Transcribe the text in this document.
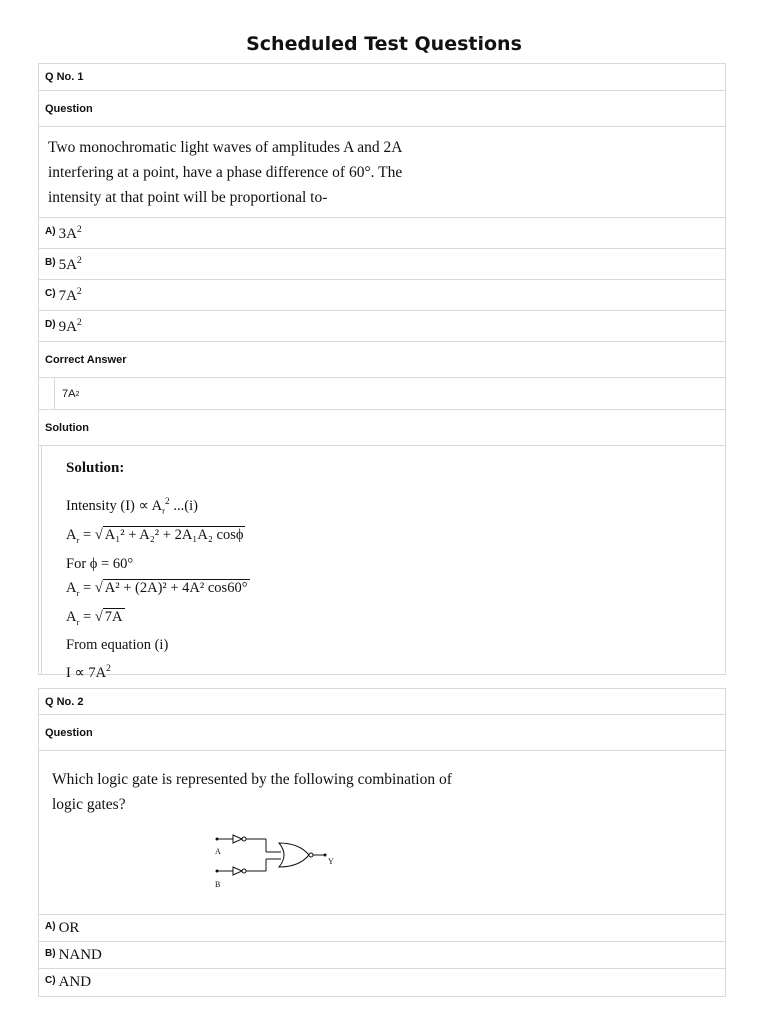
Scheduled Test Questions
Q No. 1
Question
Two monochromatic light waves of amplitudes A and 2A
interfering at a point, have a phase difference of 60°. The
intensity at that point will be proportional to-
A) $3A^2$
B) $5A^2$
C) $7A^2$
D) $9A^2$
Correct Answer
7A 2
Solution
Solution:
Intensity $(I) \propto A_r^2$ ...(i)
$A_r$ = √ A₁² + A₂² + 2A₁A₂ cosϕ
For ϕ = 60°
$A_r$ = √ A² + (2A)² + 4A² cos60°
$A_r$ = √ 7A
From equation (i)
$I \propto 7A^2$
Q No. 2
Question
Which logic gate is represented by the following combination of
logic gates?
A
B
Y
A) OR
B) NAND
C) AND
